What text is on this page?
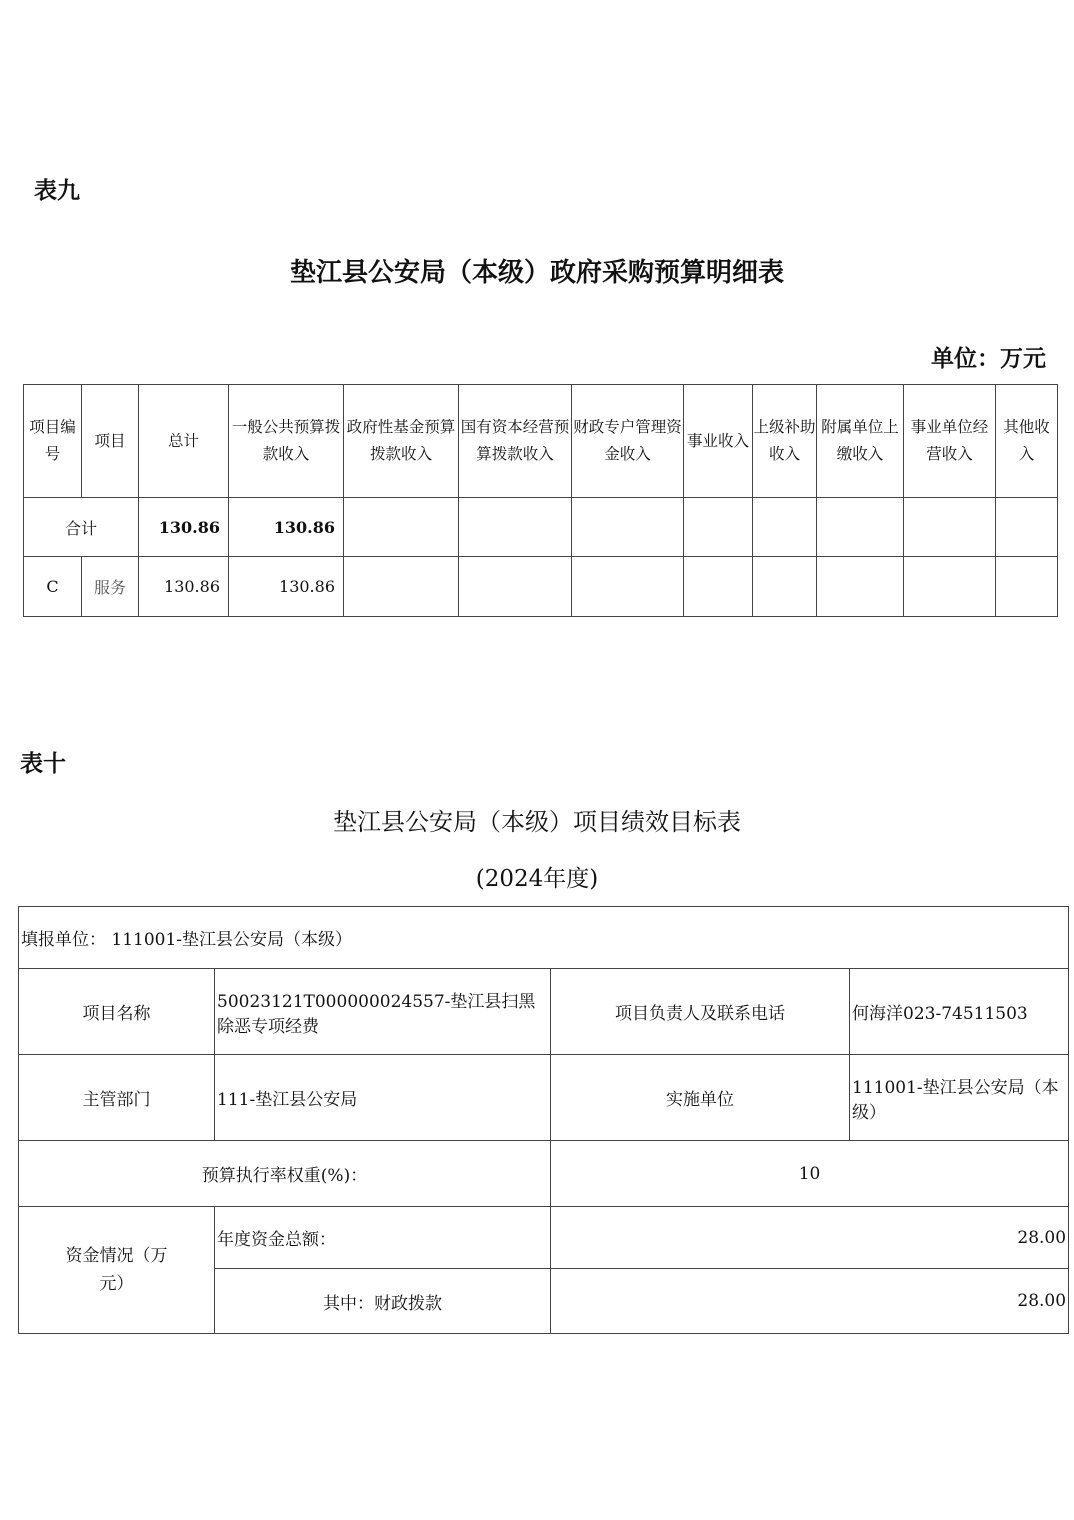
表九
垫江县公安局（本级）政府采购预算明细表
单位：万元
项目编号	项目	总计	一般公共预算拨款收入	政府性基金预算拨款收入	国有资本经营预算拨款收入	财政专户管理资金收入	事业收入	上级补助收入	附属单位上缴收入	事业单位经营收入	其他收入
合计		130.86	130.86								
C	服务	130.86	130.86								
表十
垫江县公安局（本级）项目绩效目标表
(2024年度)
填报单位： 111001-垫江县公安局（本级）			
项目名称	50023121T000000024557-垫江县扫黑除恶专项经费	项目负责人及联系电话	何海洋023-74511503
主管部门	111-垫江县公安局	实施单位	111001-垫江县公安局（本级）
预算执行率权重(%)：		10	
资金情况（万元）	年度资金总额：	28.00	
	其中：财政拨款	28.00	
